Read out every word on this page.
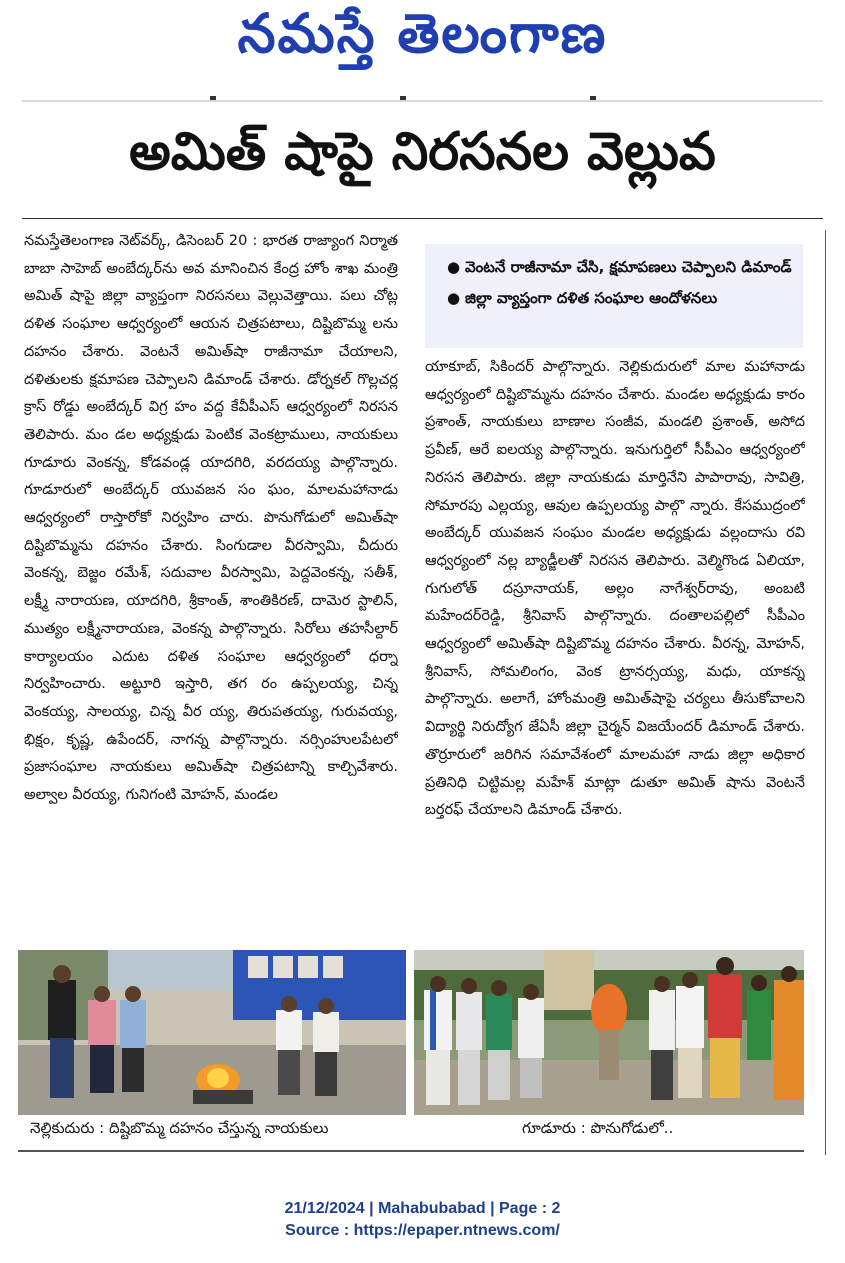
నమస్తే తెలంగాణ
అమిత్ షాపై నిరసనల వెల్లువ

నమస్తేతెలంగాణ నెట్‌వర్క్, డిసెంబర్ 20 : భారత రాజ్యాంగ నిర్మాత బాబా సాహెబ్ అంబేద్కర్‌ను అవ మానించిన కేంద్ర హోం శాఖ మంత్రి అమిత్ షాపై జిల్లా వ్యాప్తంగా నిరసనలు వెల్లువెత్తాయి. పలు చోట్ల దళిత సంఘాల ఆధ్వర్యంలో ఆయన చిత్రపటాలు, దిష్టిబొమ్మ లను దహనం చేశారు. వెంటనే అమిత్‌షా రాజీనామా చేయాలని, దళితులకు క్షమాపణ చెప్పాలని డిమాండ్ చేశారు. డోర్నకల్ గొల్లచర్ల క్రాస్ రోడ్డు అంబేద్కర్ విగ్ర హం వద్ద కేవీపీఎస్ ఆధ్వర్యంలో నిరసన తెలిపారు. మం డల అధ్యక్షుడు పెంటిక వెంకట్రాములు, నాయకులు గూడూరు వెంకన్న, కోడవండ్ల యాదగిరి, వరదయ్య పాల్గొన్నారు. గూడూరులో అంబేద్కర్ యువజన సం ఘం, మాలమహానాడు ఆధ్వర్యంలో రాస్తారోకో నిర్వహిం చారు. పొనుగోడులో అమిత్‌షా దిష్టిబొమ్మను దహనం చేశారు. సింగుడాల వీరస్వామి, చీదురు వెంకన్న, బెజ్జం రమేశ్, సదువాల వీరస్వామి, పెద్దవెంకన్న, సతీశ్, లక్ష్మీ నారాయణ, యాదగిరి, శ్రీకాంత్, శాంతికిరణ్, దామెర స్టాలిన్, ముత్యం లక్ష్మీనారాయణ, వెంకన్న పాల్గొన్నారు. సిరోలు తహసీల్దార్ కార్యాలయం ఎదుట దళిత సంఘాల ఆధ్వర్యంలో ధర్నా నిర్వహించారు. అట్టూరి ఇస్తారి, తగ రం ఉప్పలయ్య, చిన్న వెంకయ్య, సాలయ్య, చిన్న వీర య్య, తిరుపతయ్య, గురువయ్య, భిక్షం, కృష్ణ, ఉపేందర్, నాగన్న పాల్గొన్నారు. నర్సింహులపేటలో ప్రజాసంఘాల నాయకులు అమిత్‌షా చిత్రపటాన్ని కాల్చివేశారు. అల్వాల వీరయ్య, గునిగంటి మోహన్, మండల

● వెంటనే రాజీనామా చేసి, క్షమాపణలు చెప్పాలని డిమాండ్
● జిల్లా వ్యాప్తంగా దళిత సంఘాల ఆందోళనలు

యాకూబ్, సికిందర్ పాల్గొన్నారు. నెల్లికుదురులో మాల మహానాడు ఆధ్వర్యంలో దిష్టిబొమ్మను దహనం చేశారు. మండల అధ్యక్షుడు కారం ప్రశాంత్, నాయకులు బాణాల సంజీవ, మండలి ప్రశాంత్, అసోద ప్రవీణ్, ఆరే ఐలయ్య పాల్గొన్నారు. ఇనుగుర్తిలో సీపీఎం ఆధ్వర్యంలో నిరసన తెలిపారు. జిల్లా నాయకుడు మార్తినేని పాపారావు, సావిత్రి, సోమారపు ఎల్లయ్య, ఆవుల ఉప్పలయ్య పాల్గొ న్నారు. కేసముద్రంలో అంబేద్కర్ యువజన సంఘం మండల అధ్యక్షుడు వల్లందాసు రవి ఆధ్వర్యంలో నల్ల బ్యాడ్జీలతో నిరసన తెలిపారు. వెల్మిగొండ ఏలియా, గుగులోత్ దస్రూనాయక్, అల్లం నాగేశ్వర్‌రావు, అంబటి మహేందర్‌రెడ్డి, శ్రీనివాస్ పాల్గొన్నారు. దంతాలపల్లిలో సీపీఎం ఆధ్వర్యంలో అమిత్‌షా దిష్టిబొమ్మ దహనం చేశారు. వీరన్న, మోహన్, శ్రీనివాస్, సోమలింగం, వెంక ట్రానర్సయ్య, మధు, యాకన్న పాల్గొన్నారు. అలాగే, హోంమంత్రి అమిత్‌షాపై చర్యలు తీసుకోవాలని విద్యార్థి నిరుద్యోగ జేఏసీ జిల్లా చైర్మన్ విజయేందర్ డిమాండ్ చేశారు. తొర్రూరులో జరిగిన సమావేశంలో మాలమహా నాడు జిల్లా అధికార ప్రతినిధి చిట్టిమల్ల మహేశ్ మాట్లా డుతూ అమిత్ షాను వెంటనే బర్తరఫ్ చేయాలని డిమాండ్ చేశారు.

నెల్లికుదురు : దిష్టిబొమ్మ దహనం చేస్తున్న నాయకులు	గూడూరు : పొనుగోడులో..
21/12/2024 | Mahabubabad | Page : 2
Source : https://epaper.ntnews.com/
